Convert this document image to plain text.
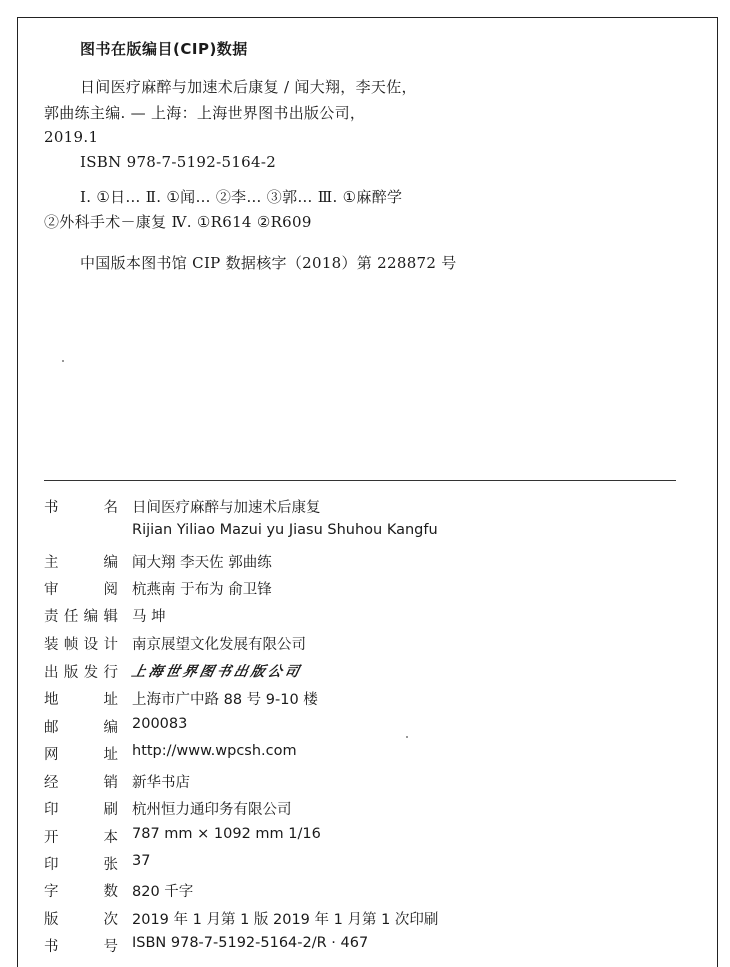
图书在版编目(CIP)数据
日间医疗麻醉与加速术后康复 / 闻大翔，李天佐，
郭曲练主编. — 上海：上海世界图书出版公司，
2019.1
ISBN 978-7-5192-5164-2
Ⅰ. ①日… Ⅱ. ①闻… ②李… ③郭… Ⅲ. ①麻醉学
②外科手术－康复 Ⅳ. ①R614 ②R609
中国版本图书馆 CIP 数据核字（2018）第 228872 号
书	名 日间医疗麻醉与加速术后康复
Rijian Yiliao Mazui yu Jiasu Shuhou Kangfu
主	编 闻大翔 李天佐 郭曲练
审	阅 杭燕南 于布为 俞卫锋
责 任 编 辑 马 坤
装 帧 设 计 南京展望文化发展有限公司
出 版 发 行 上海世界图书出版公司
地	址 上海市广中路 88 号 9-10 楼
邮	编 200083
网	址 http://www.wpcsh.com
经	销 新华书店
印	刷 杭州恒力通印务有限公司
开	本 787 mm × 1092 mm 1/16
印	张 37
字	数 820 千字
版	次 2019 年 1 月第 1 版 2019 年 1 月第 1 次印刷
书	号 ISBN 978-7-5192-5164-2/R · 467
